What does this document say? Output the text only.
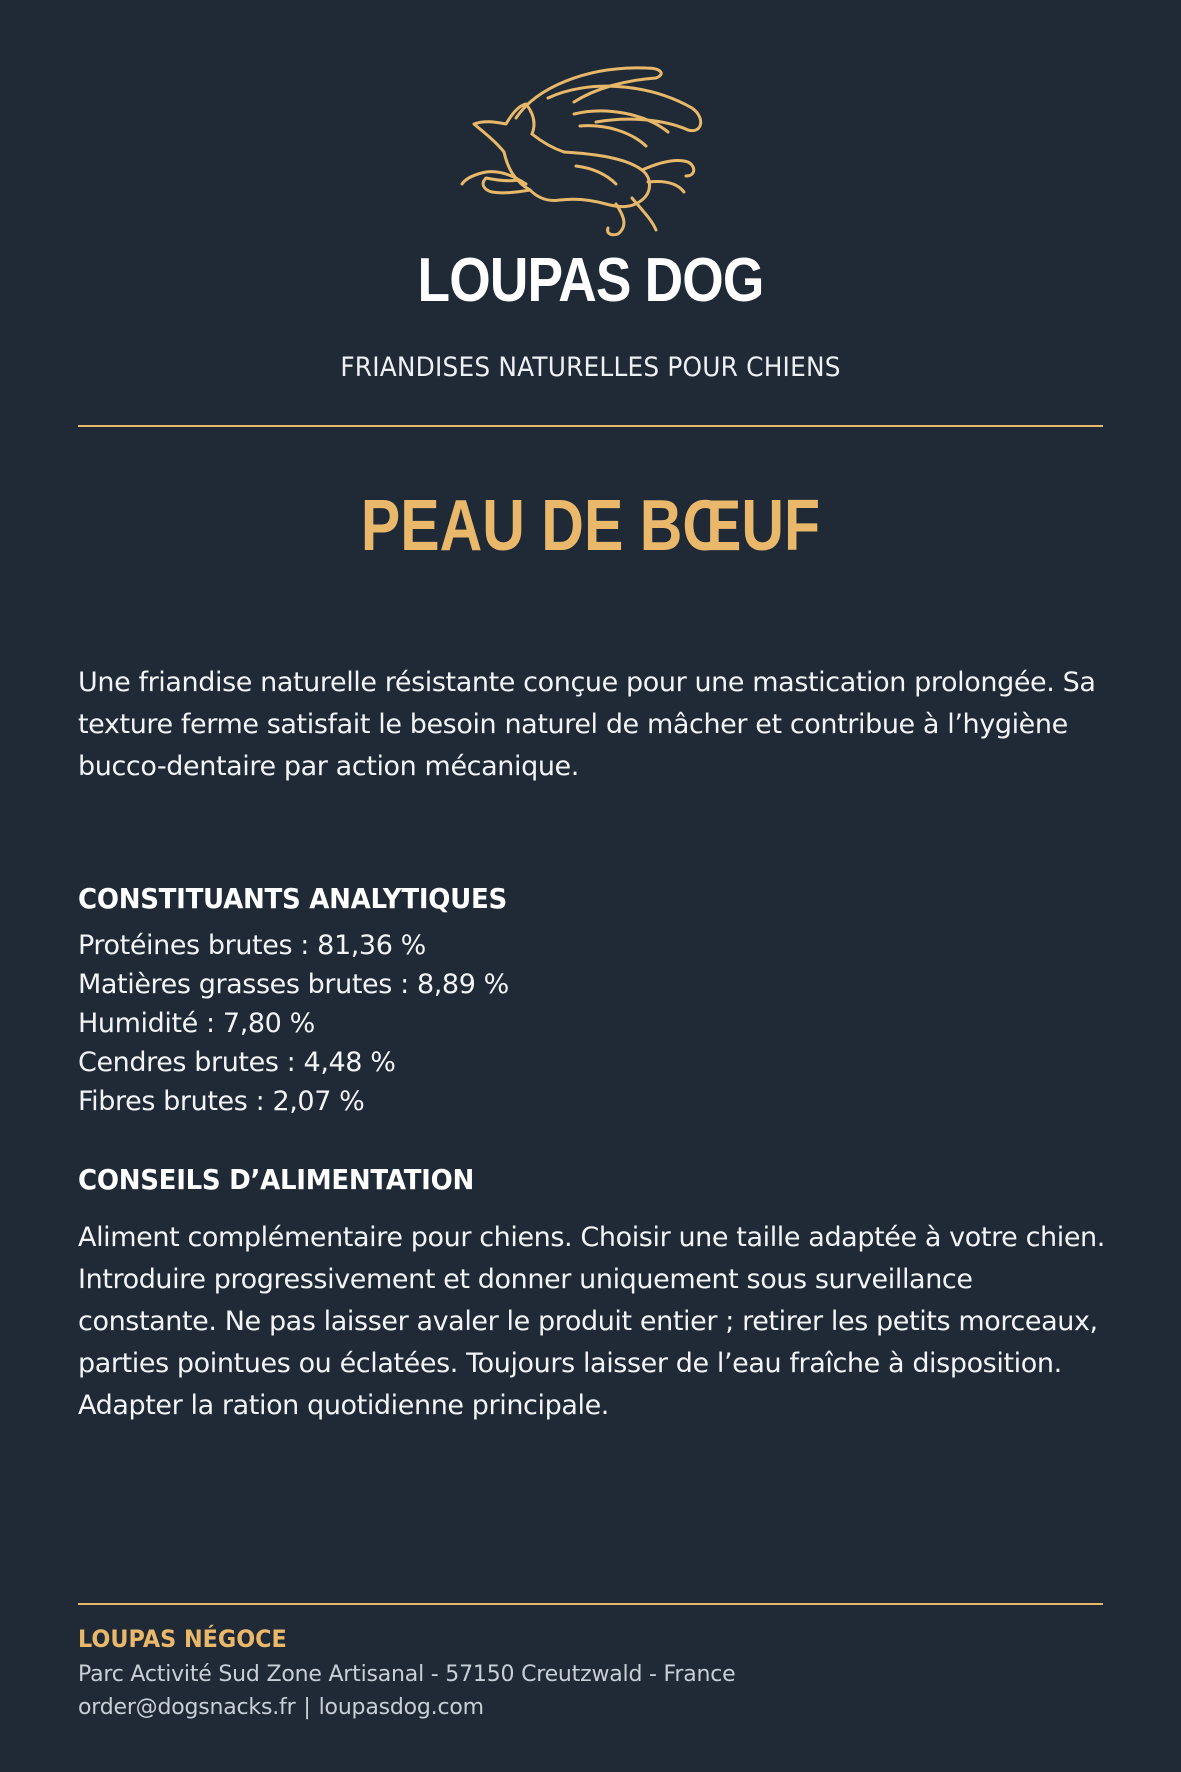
LOUPAS DOG
FRIANDISES NATURELLES POUR CHIENS
PEAU DE BŒUF
Une friandise naturelle résistante conçue pour une mastication prolongée. Sa texture ferme satisfait le besoin naturel de mâcher et contribue à l’hygiène bucco-dentaire par action mécanique.
CONSTITUANTS ANALYTIQUES
Protéines brutes : 81,36 %
Matières grasses brutes : 8,89 %
Humidité : 7,80 %
Cendres brutes : 4,48 %
Fibres brutes : 2,07 %
CONSEILS D’ALIMENTATION
Aliment complémentaire pour chiens. Choisir une taille adaptée à votre chien. Introduire progressivement et donner uniquement sous surveillance constante. Ne pas laisser avaler le produit entier ; retirer les petits morceaux, parties pointues ou éclatées. Toujours laisser de l’eau fraîche à disposition. Adapter la ration quotidienne principale.
LOUPAS NÉGOCE
Parc Activité Sud Zone Artisanal - 57150 Creutzwald - France
order@dogsnacks.fr | loupasdog.com
